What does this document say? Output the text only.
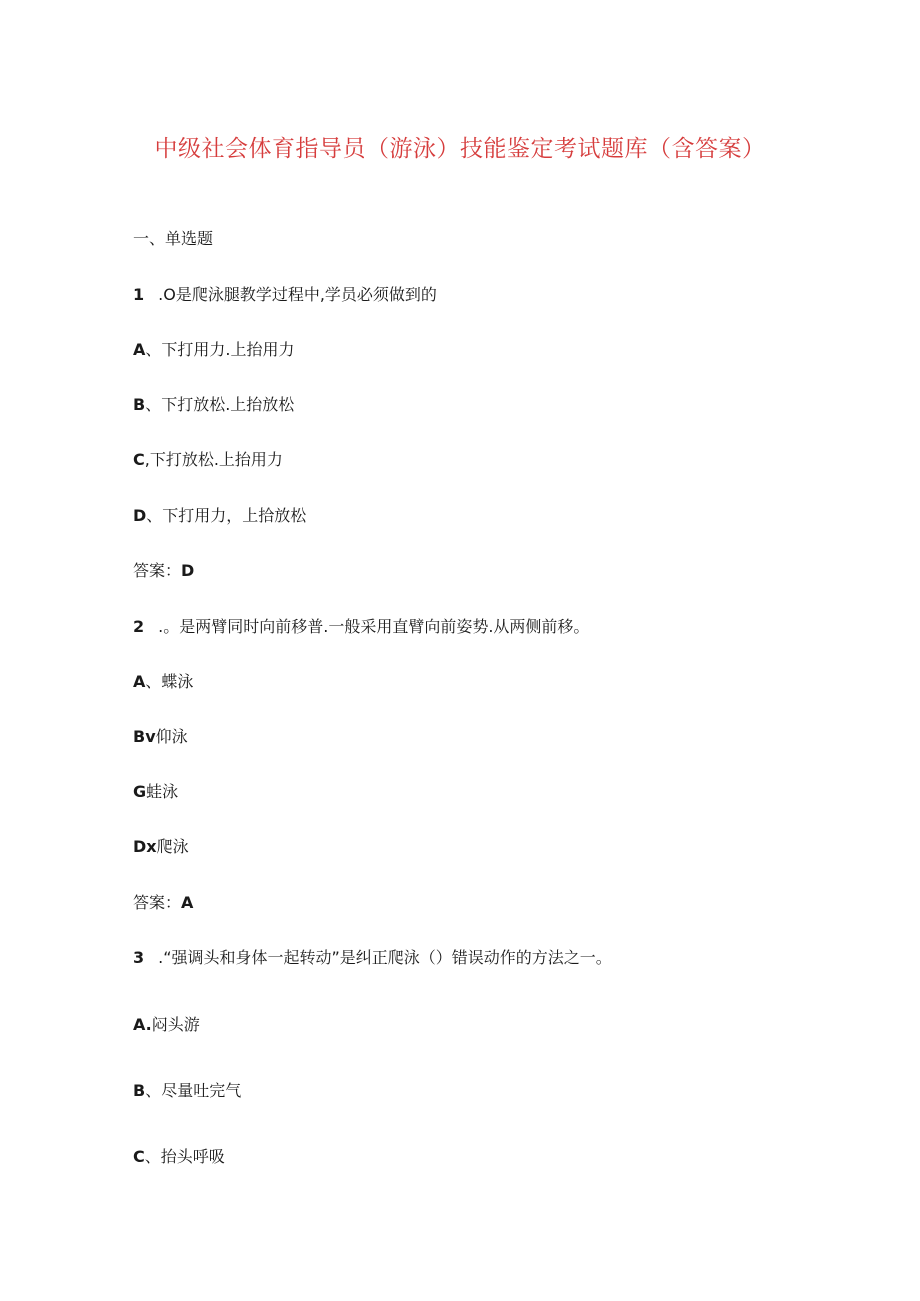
中级社会体育指导员（游泳）技能鉴定考试题库（含答案）
一、单选题
1 .O是爬泳腿教学过程中,学员必须做到的
A、下打用力.上抬用力
B、下打放松.上抬放松
C,下打放松.上抬用力
D、下打用力，上拾放松
答案：D
2 .。是两臂同时向前移普.一般采用直臂向前姿势.从两侧前移。
A、蝶泳
Bv仰泳
G蛙泳
Dx爬泳
答案：A
3 .“强调头和身体一起转动”是纠正爬泳（）错误动作的方法之一。
A.闷头游
B、尽量吐完气
C、抬头呼吸
